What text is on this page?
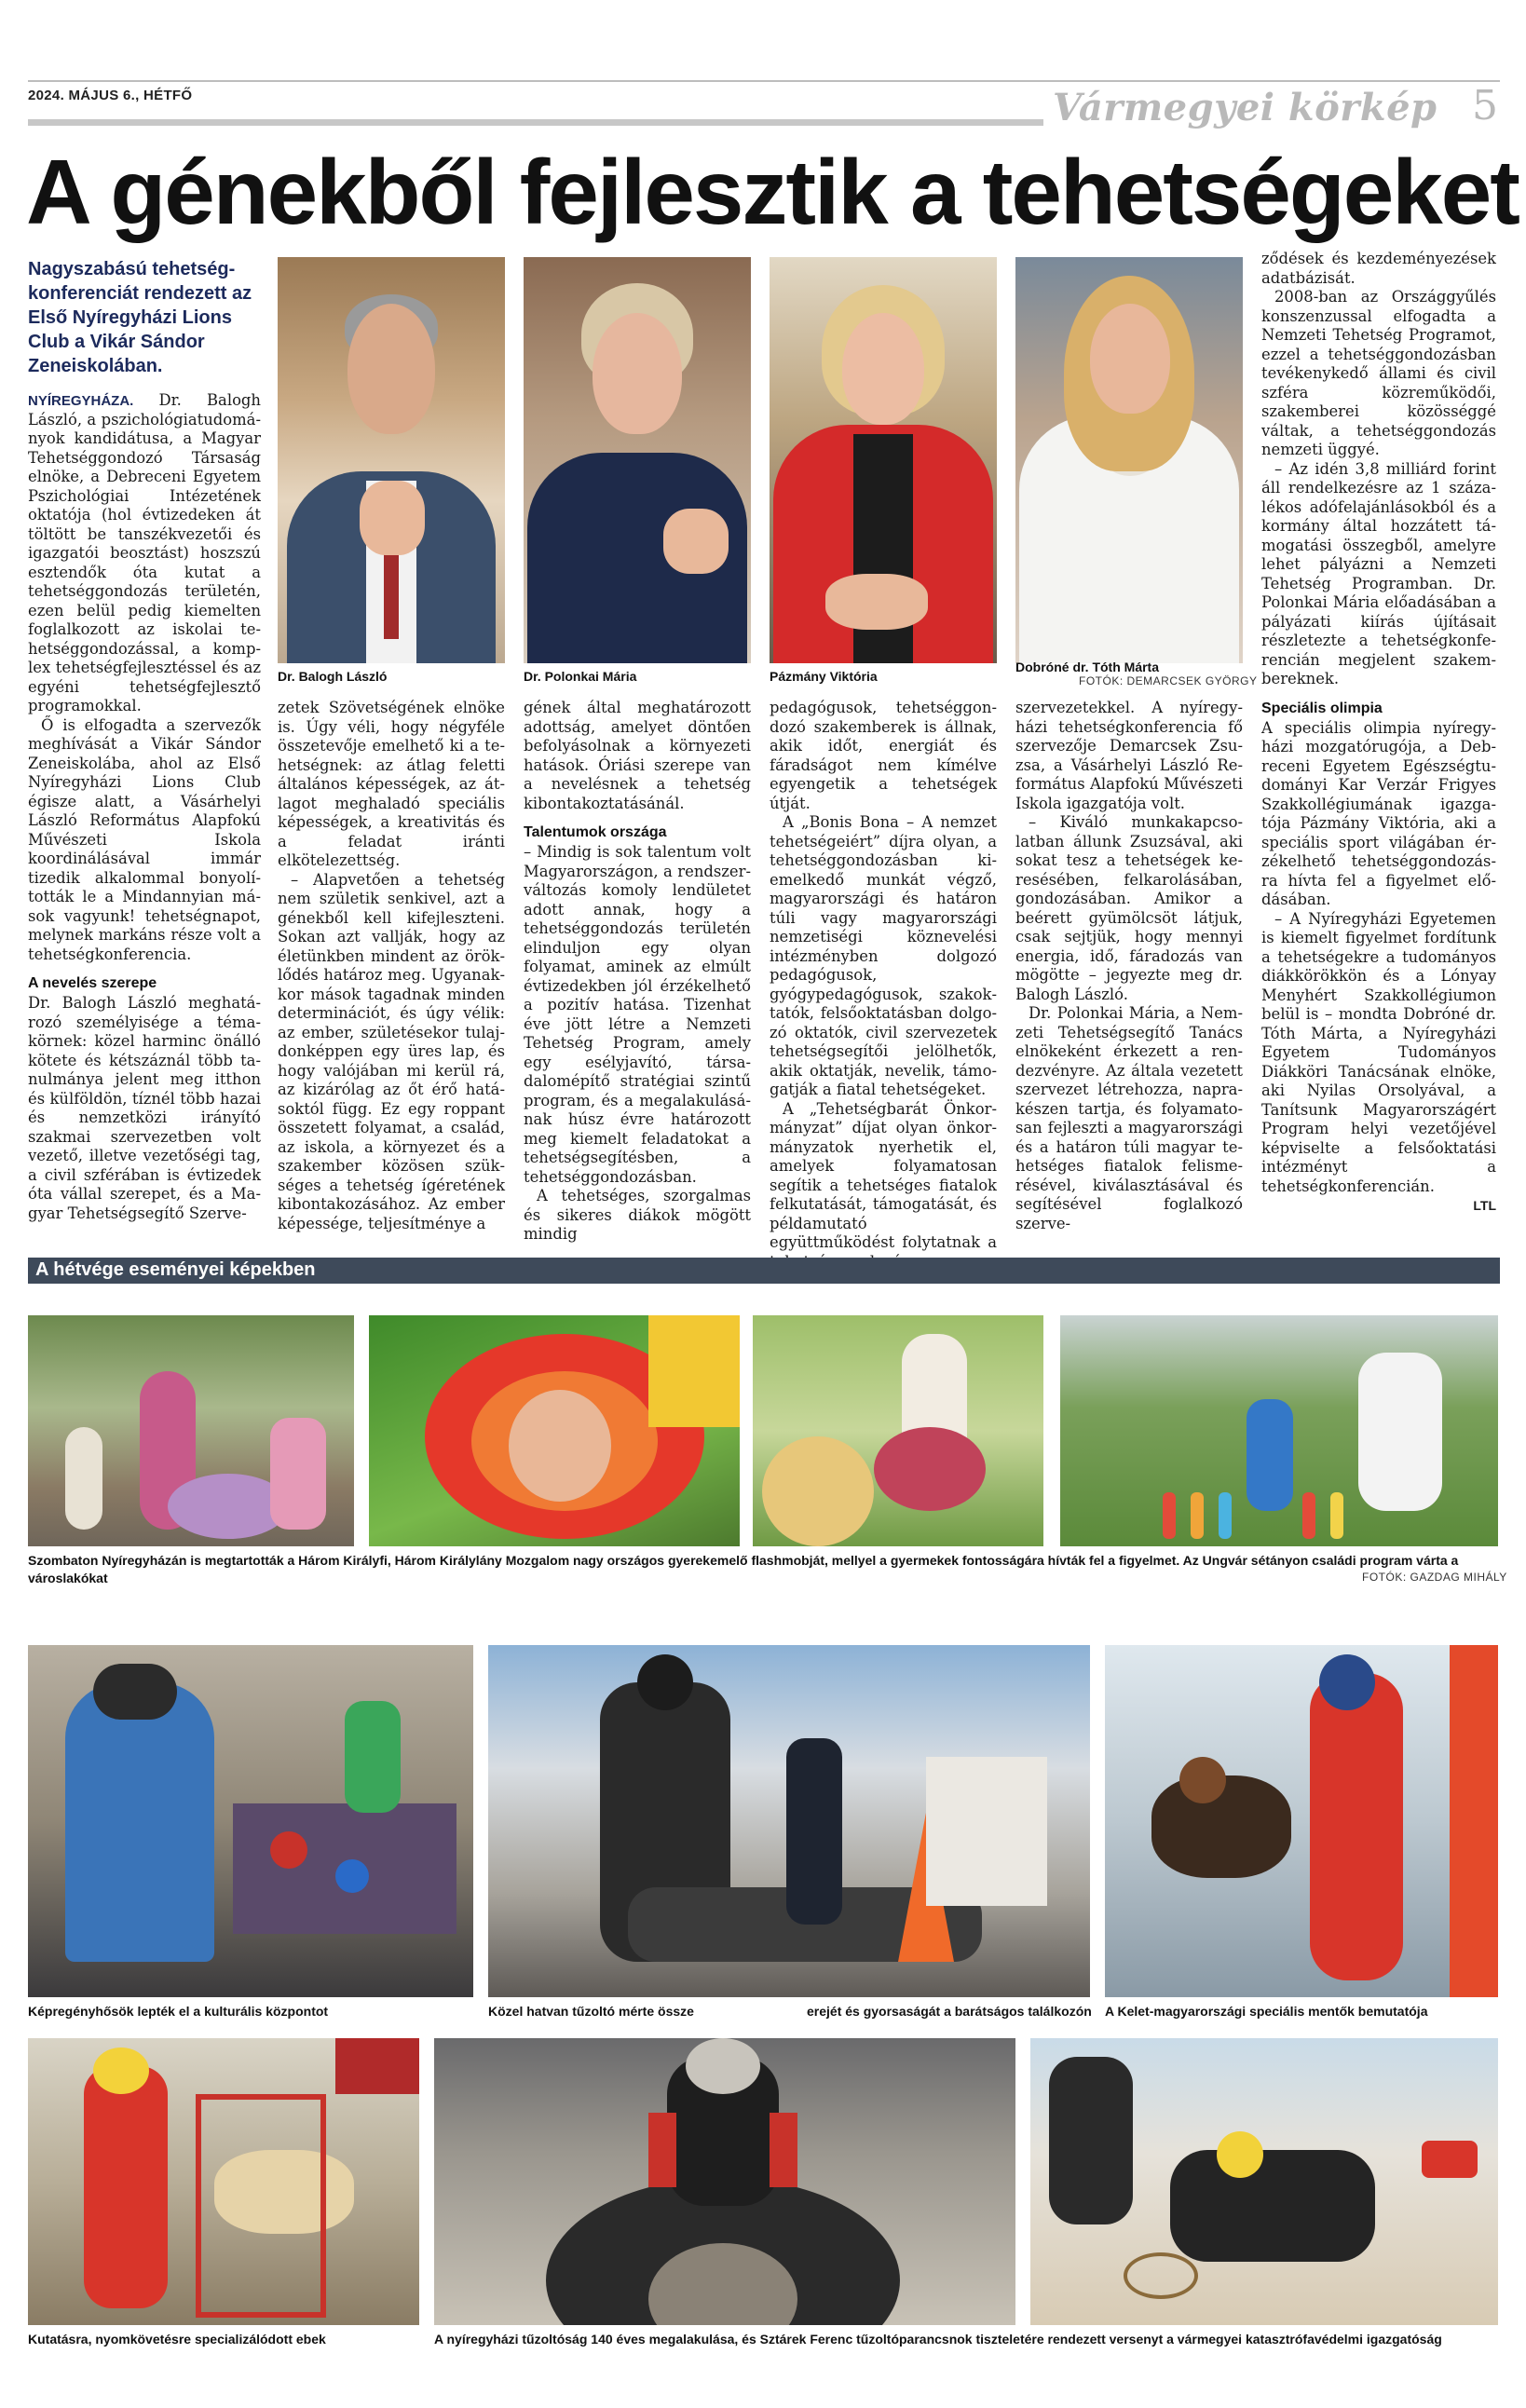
2024. MÁJUS 6., HÉTFŐ	Vármegyei körkép 5
A génekből fejlesztik a tehetségeket
Nagyszabású tehetségkonferenciát rendezett az Első Nyíregyházi Lions Club a Vikár Sándor Zeneiskolában.

NYÍREGYHÁZA. Dr. Balogh László, a pszichológiatudományok kandidátusa, a Magyar Tehetséggondozó Társaság elnöke, a Debreceni Egyetem Pszichológiai Intézetének oktatója (hol évtizedeken át töltött be tanszékvezetői és igazgatói beosztást) hoszszú esztendők óta kutat a tehetséggondozás területén, ezen belül pedig kiemelten foglalkozott az iskolai tehetséggondozással, a komplex tehetségfejlesztéssel és az egyéni tehetségfejlesztő programokkal.

Ő is elfogadta a szervezők meghívását a Vikár Sándor Zeneiskolába, ahol az Első Nyíregyházi Lions Club égisze alatt, a Vásárhelyi László Református Alapfokú Művészeti Iskola koordinálásával immár tizedik alkalommal bonyolították le a Mindannyian mások vagyunk! tehetségnapot, melynek markáns része volt a tehetségkonferencia.

A nevelés szerepe

Dr. Balogh László meghatározó személyisége a témakörnek: közel harminc önálló kötete és kétszáznál több tanulmánya jelent meg itthon és külföldön, tíznél több hazai és nemzetközi irányító szakmai szervezetben volt vezető, illetve vezetőségi tag, a civil szférában is évtizedek óta vállal szerepet, és a Magyar Tehetségsegítő Szerve-

Dr. Balogh László	Dr. Polonkai Mária	Pázmány Viktória
Dobróné dr. Tóth Márta
FOTÓK: DEMARCSEK GYÖRGY

zetek Szövetségének elnöke is. Úgy véli, hogy négyféle összetevője emelhető ki a tehetségnek: az átlag feletti általános képességek, az átlagot meghaladó speciális képességek, a kreativitás és a feladat iránti elkötelezettség.

– Alapvetően a tehetség nem születik senkivel, azt a génekből kell kifejleszteni. Sokan azt vallják, hogy az életünkben mindent az öröklődés határoz meg. Ugyanakkor mások tagadnak minden determinációt, és úgy vélik: az ember, születésekor tulajdonképpen egy üres lap, és hogy valójában mi kerül rá, az kizárólag az őt érő hatásoktól függ. Ez egy roppant összetett folyamat, a család, az iskola, a környezet és a szakember közösen szükséges a tehetség ígéretének kibontakozásához. Az ember képessége, teljesítménye a

gének által meghatározott adottság, amelyet döntően befolyásolnak a környezeti hatások. Óriási szerepe van a nevelésnek a tehetség kibontakoztatásánál.

Talentumok országa

– Mindig is sok talentum volt Magyarországon, a rendszerváltozás komoly lendületet adott annak, hogy a tehetséggondozás területén elinduljon egy olyan folyamat, aminek az elmúlt évtizedekben jól érzékelhető a pozitív hatása. Tizenhat éve jött létre a Nemzeti Tehetség Program, amely egy esélyjavító, társadalomépítő stratégiai szintű program, és a megalakulásának húsz évre határozott meg kiemelt feladatokat a tehetségsegítésben, a tehetséggondozásban.

A tehetséges, szorgalmas és sikeres diákok mögött mindig

pedagógusok, tehetséggondozó szakemberek is állnak, akik időt, energiát és fáradságot nem kímélve egyengetik a tehetségek útját.

A „Bonis Bona – A nemzet tehetségeiért” díjra olyan, a tehetséggondozásban kiemelkedő munkát végző, magyarországi és határon túli vagy magyarországi nemzetiségi köznevelési intézményben dolgozó pedagógusok, gyógypedagógusok, szakoktatók, felsőoktatásban dolgozó oktatók, civil szervezetek tehetségsegítői jelölhetők, akik oktatják, nevelik, támogatják a fiatal tehetségeket.

A „Tehetségbarát Önkormányzat” díjat olyan önkormányzatok nyerhetik el, amelyek folyamatosan segítik a tehetséges fiatalok felkutatását, támogatását, és példamutató együttműködést folytatnak a

szervezetekkel. A nyíregyházi tehetségkonferencia fő szervezője Demarcsek Zsuzsa, a Vásárhelyi László Református Alapfokú Művészeti Iskola igazgatója volt.

– Kiváló munkakapcsolatban állunk Zsuzsával, aki sokat tesz a tehetségek keresésében, felkarolásában, gondozásában. Amikor a beérett gyümölcsöt látjuk, csak sejtjük, hogy mennyi energia, idő, fáradozás van mögötte – jegyezte meg dr. Balogh László.

Dr. Polonkai Mária, a Nemzeti Tehetségsegítő Tanács elnökeként érkezett a rendezvényre. Az általa vezetett szervezet létrehozza, naprakészen tartja, és folyamatosan fejleszti a magyarországi és a határon túli magyar tehetséges fiatalok felismerésével, kiválasztásával és segítésével foglalkozó szerve-

ződések és kezdeményezések adatbázisát.

2008-ban az Országgyűlés konszenzussal elfogadta a Nemzeti Tehetség Programot, ezzel a tehetséggondozásban tevékenykedő állami és civil szféra közreműködői, szakemberei közösséggé váltak, a tehetséggondozás nemzeti üggyé.

– Az idén 3,8 milliárd forint áll rendelkezésre az 1 százalékos adófelajánlásokból és a kormány által hozzátett támogatási összegből, amelyre lehet pályázni a Nemzeti Tehetség Programban. Dr. Polonkai Mária előadásában a pályázati kiírás újításait részletezte a tehetségkonferencián megjelent szakembereknek.

Speciális olimpia

A speciális olimpia nyíregyházi mozgatórugója, a Debreceni Egyetem Egészségtudományi Kar Verzár Frigyes Szakkollégiumának igazgatója Pázmány Viktória, aki a speciális sport világában érzékelhető tehetséggondozásra hívta fel a figyelmet elődásában.

– A Nyíregyházi Egyetemen is kiemelt figyelmet fordítunk a tehetségekre a tudományos diákkörökkön és a Lónyay Menyhért Szakkollégiumon belül is – mondta Dobróné dr. Tóth Márta, a Nyíregyházi Egyetem Tudományos Diákköri Tanácsának elnöke, aki Nyilas Orsolyával, a Tanítsunk Magyarországért Program helyi vezetőjével képviselte a felsőoktatási intézményt a tehetségkonferencián.

LTL
A hétvége eseményei képekben
Szombaton Nyíregyházán is megtartották a Három Királyfi, Három Királylány Mozgalom nagy országos gyerekemelő flashmobját, mellyel a gyermekek fontosságára hívták fel a figyelmet. Az Ungvár sétányon családi program várta a városlakókat	FOTÓK: GAZDAG MIHÁLY
Képregényhősök lepték el a kulturális központot	Közel hatvan tűzoltó mérte össze	erejét és gyorsaságát a barátságos találkozón A Kelet-magyarországi speciális mentők bemutatója
Kutatásra, nyomkövetésre specializálódott ebek	A nyíregyházi tűzoltóság 140 éves megalakulása, és Sztárek Ferenc tűzoltóparancsnok tiszteletére rendezett versenyt a vármegyei katasztrófavédelmi igazgatóság
